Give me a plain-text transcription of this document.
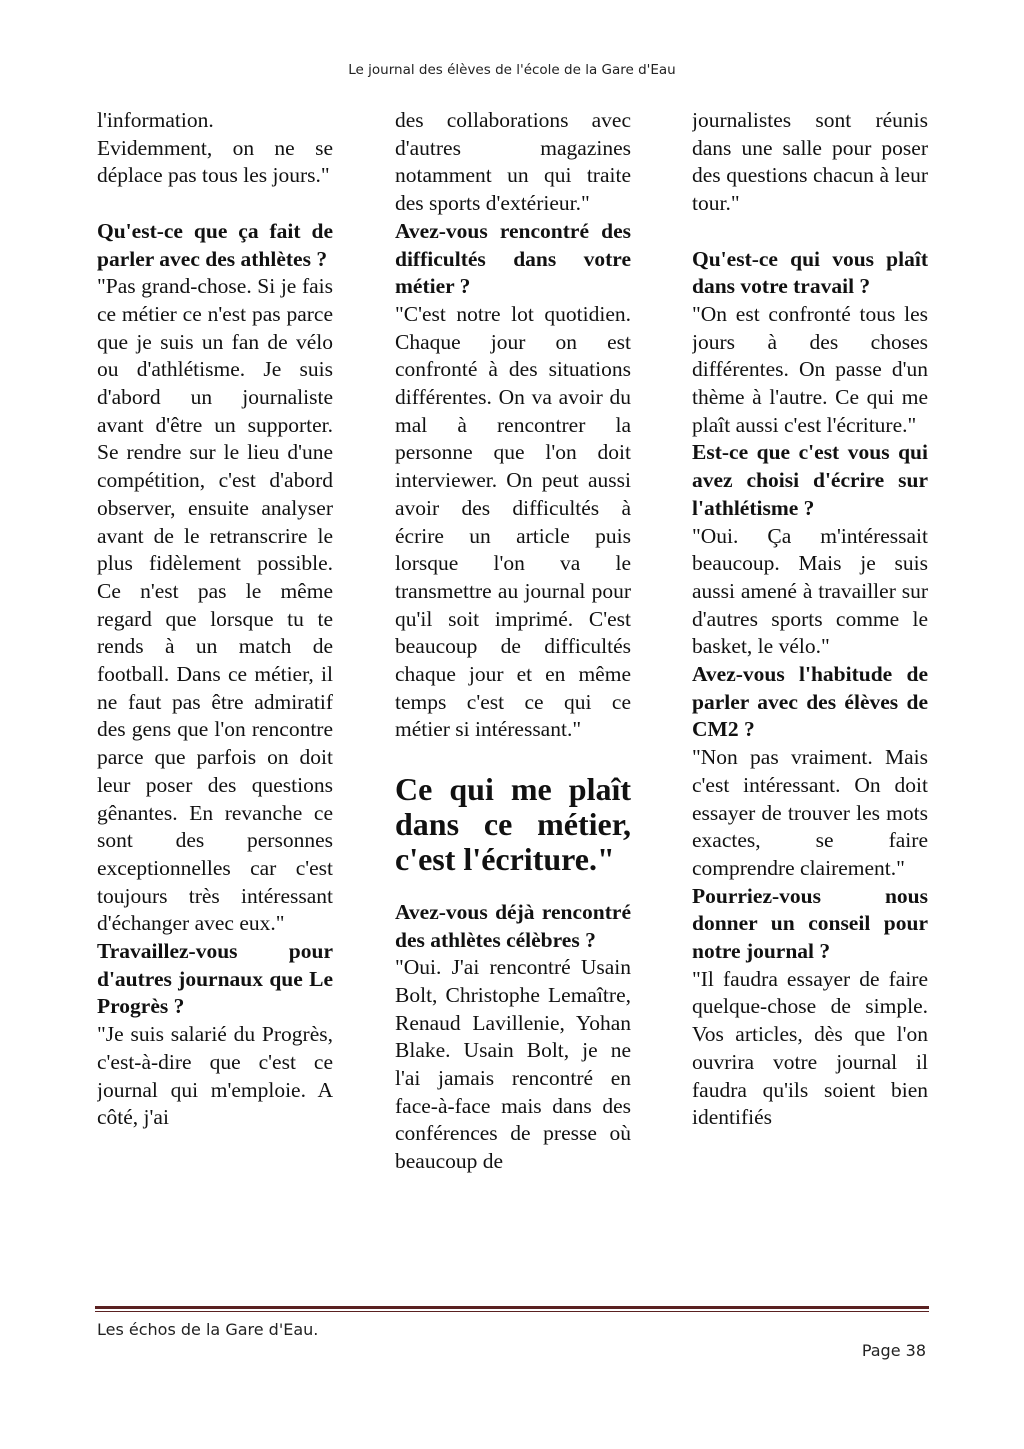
Le journal des élèves de l'école de la Gare d'Eau

l'information. Evidemment, on ne se déplace pas tous les jours."

Qu'est-ce que ça fait de parler avec des athlètes ?

"Pas grand-chose. Si je fais ce métier ce n'est pas parce que je suis un fan de vélo ou d'athlétisme. Je suis d'abord un journaliste avant d'être un supporter. Se rendre sur le lieu d'une compétition, c'est d'abord observer, ensuite analyser avant de le retranscrire le plus fidèlement possible. Ce n'est pas le même regard que lorsque tu te rends à un match de football. Dans ce métier, il ne faut pas être admiratif des gens que l'on rencontre parce que parfois on doit leur poser des questions gênantes. En revanche ce sont des personnes exceptionnelles car c'est toujours très intéressant d'échanger avec eux."

Travaillez-vous pour d'autres journaux que Le Progrès ?

"Je suis salarié du Progrès, c'est-à-dire que c'est ce journal qui m'emploie. A côté, j'ai

des collaborations avec d'autres magazines notamment un qui traite des sports d'extérieur."

Avez-vous rencontré des difficultés dans votre métier ?

"C'est notre lot quotidien. Chaque jour on est confronté à des situations différentes. On va avoir du mal à rencontrer la personne que l'on doit interviewer. On peut aussi avoir des difficultés à écrire un article puis lorsque l'on va le transmettre au journal pour qu'il soit imprimé. C'est beaucoup de difficultés chaque jour et en même temps c'est ce qui ce métier si intéressant."

Ce qui me plaît dans ce métier, c'est l'écriture."

Avez-vous déjà rencontré des athlètes célèbres ?

"Oui. J'ai rencontré Usain Bolt, Christophe Lemaître, Renaud Lavillenie, Yohan Blake. Usain Bolt, je ne l'ai jamais rencontré en face-à-face mais dans des conférences de presse où beaucoup de

journalistes sont réunis dans une salle pour poser des questions chacun à leur tour."

Qu'est-ce qui vous plaît dans votre travail ?

"On est confronté tous les jours à des choses différentes. On passe d'un thème à l'autre. Ce qui me plaît aussi c'est l'écriture."

Est-ce que c'est vous qui avez choisi d'écrire sur l'athlétisme ?

"Oui. Ça m'intéressait beaucoup. Mais je suis aussi amené à travailler sur d'autres sports comme le basket, le vélo."

Avez-vous l'habitude de parler avec des élèves de CM2 ?

"Non pas vraiment. Mais c'est intéressant. On doit essayer de trouver les mots exactes, se faire comprendre clairement."

Pourriez-vous nous donner un conseil pour notre journal ?

"Il faudra essayer de faire quelque-chose de simple. Vos articles, dès que l'on ouvrira votre journal il faudra qu'ils soient bien identifiés

Les échos de la Gare d'Eau.
Page 38
